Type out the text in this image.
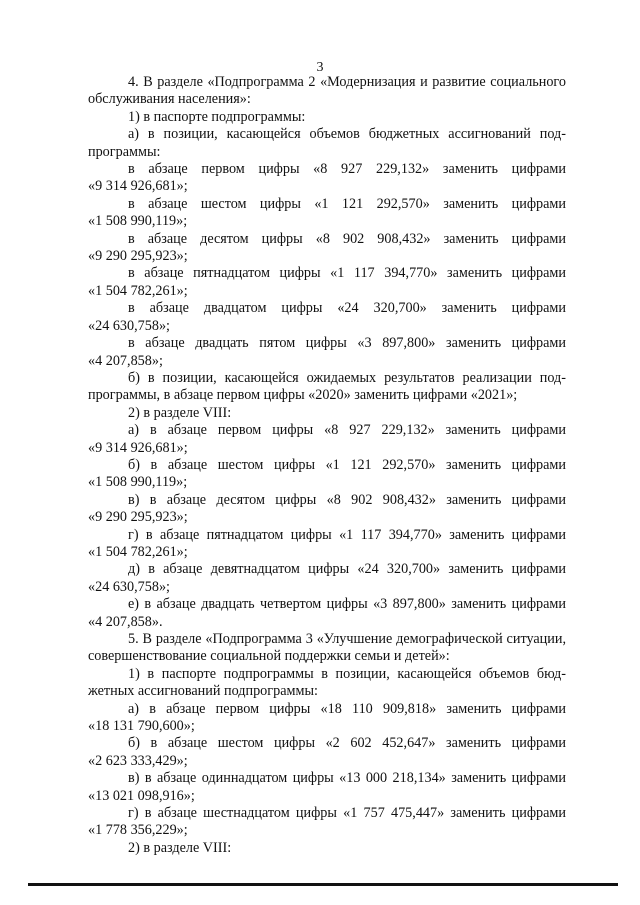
3

4. В разделе «Подпрограмма 2 «Модернизация и развитие социального обслуживания населения»:

1) в паспорте подпрограммы:

а) в позиции, касающейся объемов бюджетных ассигнований подпрограммы:

в абзаце первом цифры «8 927 229,132» заменить цифрами

«9 314 926,681»;

в абзаце шестом цифры «1 121 292,570» заменить цифрами

«1 508 990,119»;

в абзаце десятом цифры «8 902 908,432» заменить цифрами

«9 290 295,923»;

в абзаце пятнадцатом цифры «1 117 394,770» заменить цифрами

«1 504 782,261»;

в абзаце двадцатом цифры «24 320,700» заменить цифрами

«24 630,758»;

в абзаце двадцать пятом цифры «3 897,800» заменить цифрами

«4 207,858»;

б) в позиции, касающейся ожидаемых результатов реализации подпрограммы, в абзаце первом цифры «2020» заменить цифрами «2021»;

2) в разделе VIII:

а) в абзаце первом цифры «8 927 229,132» заменить цифрами

«9 314 926,681»;

б) в абзаце шестом цифры «1 121 292,570» заменить цифрами

«1 508 990,119»;

в) в абзаце десятом цифры «8 902 908,432» заменить цифрами

«9 290 295,923»;

г) в абзаце пятнадцатом цифры «1 117 394,770» заменить цифрами

«1 504 782,261»;

д) в абзаце девятнадцатом цифры «24 320,700» заменить цифрами

«24 630,758»;

е) в абзаце двадцать четвертом цифры «3 897,800» заменить цифрами

«4 207,858».

5. В разделе «Подпрограмма 3 «Улучшение демографической ситуации, совершенствование социальной поддержки семьи и детей»:

1) в паспорте подпрограммы в позиции, касающейся объемов бюджетных ассигнований подпрограммы:

а) в абзаце первом цифры «18 110 909,818» заменить цифрами

«18 131 790,600»;

б) в абзаце шестом цифры «2 602 452,647» заменить цифрами

«2 623 333,429»;

в) в абзаце одиннадцатом цифры «13 000 218,134» заменить цифрами

«13 021 098,916»;

г) в абзаце шестнадцатом цифры «1 757 475,447» заменить цифрами

«1 778 356,229»;

2) в разделе VIII:
